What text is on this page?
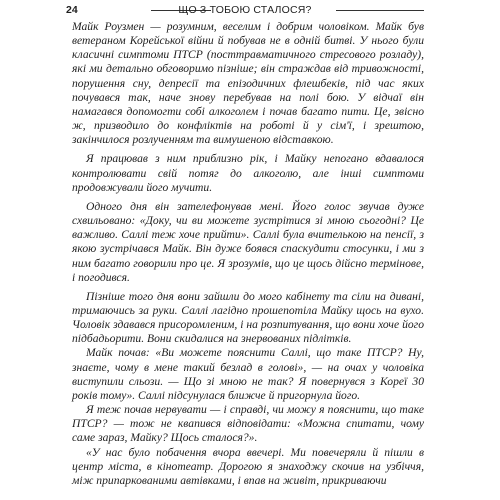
24	ЩО З ТОБОЮ СТАЛОСЯ?

Майк Роузмен — розумним, веселим і добрим чоловіком. Майк був ветераном Корейської війни й побував не в одній битві. У нього були класичні симптоми ПТСР (посттравматичного стресового розладу), які ми детально обговоримо пізніше; він страждав від тривожності, порушення сну, депресії та епізодичних флешбеків, під час яких почувався так, наче знову перебував на полі бою. У відчаї він намагався допомогти собі алкоголем і почав багато пити. Це, звісно ж, призводило до конфліктів на роботі й у сім'ї, і зрештою, закінчилося розлученням та вимушеною відставкою.

Я працював з ним приблизно рік, і Майку непогано вдавалося контролювати свій потяг до алкоголю, але інші симптоми продовжували його мучити.

Одного дня він зателефонував мені. Його голос звучав дуже схвильовано: «Доку, чи ви можете зустрітися зі мною сьогодні? Це важливо. Саллі теж хоче прийти». Саллі була вчителькою на пенсії, з якою зустрічався Майк. Він дуже боявся спаскудити стосунки, і ми з ним багато говорили про це. Я зрозумів, що це щось дійсно термінове, і погодився.

Пізніше того дня вони зайшли до мого кабінету та сіли на дивані, тримаючись за руки. Саллі лагідно прошепотіла Майку щось на вухо. Чоловік здавався присоромленим, і на розпитування, що вони хоче його підбадьорити. Вони скидалися на знервованих підлітків.

Майк почав: «Ви можете пояснити Саллі, що таке ПТСР? Ну, знаєте, чому в мене такий безлад в голові», — на очах у чоловіка виступили сльози. — Що зі мною не так? Я повернувся з Кореї 30 років тому». Саллі підсунулася ближче й пригорнула його.

Я теж почав нервувати — і справді, чи можу я пояснити, що таке ПТСР? — тож не квапився відповідати: «Можна спитати, чому саме зараз, Майку? Щось сталося?».

«У нас було побачення вчора ввечері. Ми повечеряли й пішли в центр міста, в кінотеатр. Дорогою я знаходжу скочив на узбіччя, між припаркованими автівками, і впав на живіт, прикриваючи
